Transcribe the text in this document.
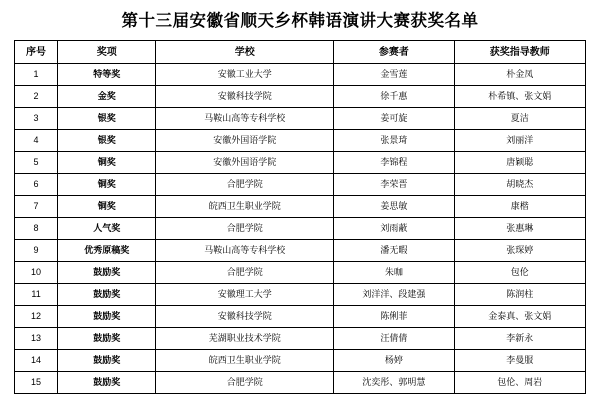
第十三届安徽省顺天乡杯韩语演讲大赛获奖名单
序号	奖项	学校	参赛者	获奖指导教师
1	特等奖	安徽工业大学	金雪莲	朴金凤
2	金奖	安徽科技学院	徐千惠	朴希镇、张文娟
3	银奖	马鞍山高等专科学校	姜可旋	夏洁
4	银奖	安徽外国语学院	张景琦	刘丽洋
5	铜奖	安徽外国语学院	李锦程	唐颖聪
6	铜奖	合肥学院	李荣晋	胡晓杰
7	铜奖	皖西卫生职业学院	姜思敏	康楷
8	人气奖	合肥学院	刘雨蔽	张惠琳
9	优秀原稿奖	马鞍山高等专科学校	潘无暇	张琛婷
10	鼓励奖	合肥学院	朱咖	包伦
11	鼓励奖	安徽理工大学	刘洋洋、段建强	陈润柱
12	鼓励奖	安徽科技学院	陈俐菲	金泰真、张文娟
13	鼓励奖	芜湖职业技术学院	汪倩倩	李新永
14	鼓励奖	皖西卫生职业学院	杨婷	李曼服
15	鼓励奖	合肥学院	沈奕彤、郭明慧	包伦、周岩
